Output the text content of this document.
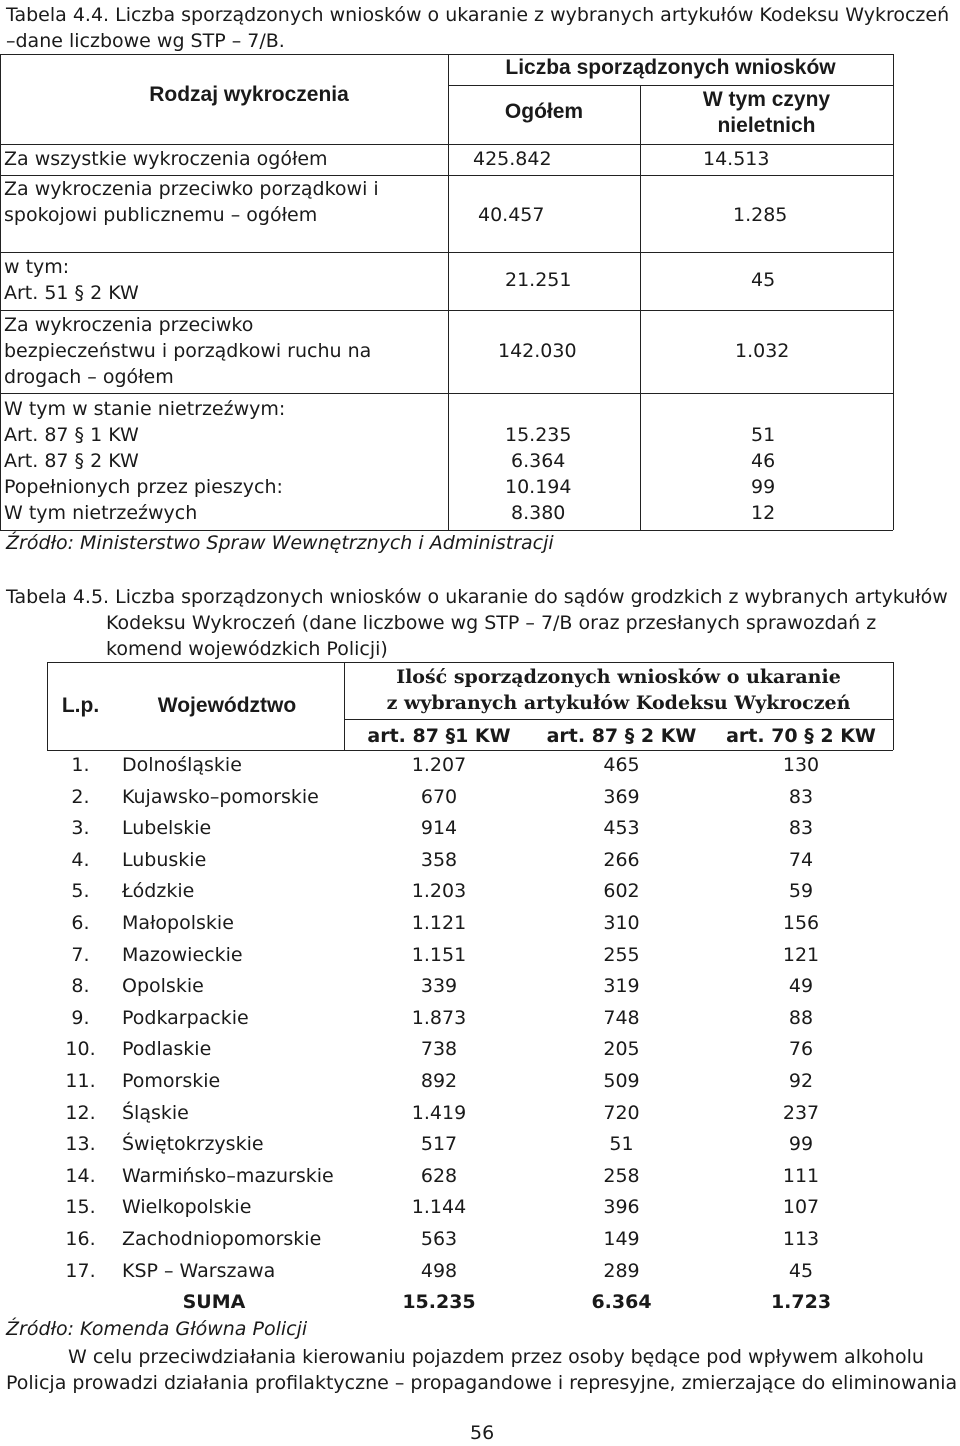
Tabela 4.4. Liczba sporządzonych wniosków o ukaranie z wybranych artykułów Kodeksu Wykroczeń
–dane liczbowe wg STP – 7/B.
Rodzaj wykroczenia
Liczba sporządzonych wniosków
Ogółem
W tym czyny
nieletnich
Za wszystkie wykroczenia ogółem	425.842	14.513
Za wykroczenia przeciwko porządkowi i
spokojowi publicznemu – ogółem	40.457	1.285
w tym:
Art. 51 § 2 KW
21.251	45
Za wykroczenia przeciwko
bezpieczeństwu i porządkowi ruchu na
drogach – ogółem
142.030	1.032
W tym w stanie nietrzeźwym:
Art. 87 § 1 KW	15.235	51
Art. 87 § 2 KW	6.364	46
Popełnionych przez pieszych:	10.194	99
W tym nietrzeźwych	8.380	12
Źródło: Ministerstwo Spraw Wewnętrznych i Administracji
Tabela 4.5. Liczba sporządzonych wniosków o ukaranie do sądów grodzkich z wybranych artykułów
Kodeksu Wykroczeń (dane liczbowe wg STP – 7/B oraz przesłanych sprawozdań z
komend wojewódzkich Policji)
L.p.	Województwo
Ilość sporządzonych wniosków o ukaranie
z wybranych artykułów Kodeksu Wykroczeń
art. 87 §1 KW	art. 87 § 2 KW	art. 70 § 2 KW
1.	Dolnośląskie	1.207	465	130
2.	Kujawsko–pomorskie	670	369	83
3.	Lubelskie	914	453	83
4.	Lubuskie	358	266	74
5.	Łódzkie	1.203	602	59
6.	Małopolskie	1.121	310	156
7.	Mazowieckie	1.151	255	121
8.	Opolskie	339	319	49
9.	Podkarpackie	1.873	748	88
10.	Podlaskie	738	205	76
11.	Pomorskie	892	509	92
12.	Śląskie	1.419	720	237
13.	Świętokrzyskie	517	51	99
14.	Warmińsko–mazurskie	628	258	111
15.	Wielkopolskie	1.144	396	107
16.	Zachodniopomorskie	563	149	113
17.	KSP – Warszawa	498	289	45
SUMA	15.235	6.364	1.723
Źródło: Komenda Główna Policji
W celu przeciwdziałania kierowaniu pojazdem przez osoby będące pod wpływem alkoholu
Policja prowadzi działania profilaktyczne – propagandowe i represyjne, zmierzające do eliminowania
56
